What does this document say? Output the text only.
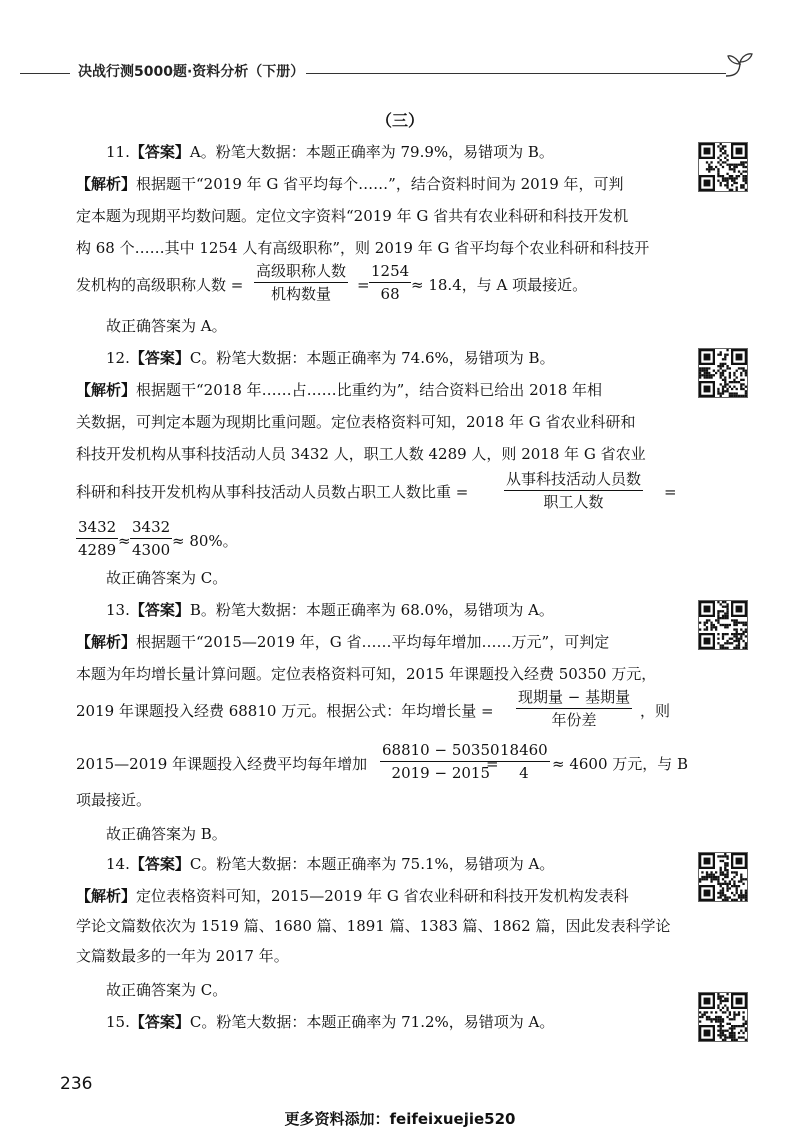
决战行测5000题·资料分析（下册）
（三）
11.【答案】A。粉笔大数据：本题正确率为 79.9%，易错项为 B。
【解析】根据题干“2019 年 G 省平均每个……”，结合资料时间为 2019 年，可判
定本题为现期平均数问题。定位文字资料“2019 年 G 省共有农业科研和科技开发机
构 68 个……其中 1254 人有高级职称”，则 2019 年 G 省平均每个农业科研和科技开
发机构的高级职称人数 =
高级职称人数
机构数量	=
1254
68 ≈ 18.4，与 A 项最接近。
故正确答案为 A。
12.【答案】C。粉笔大数据：本题正确率为 74.6%，易错项为 B。
【解析】根据题干“2018 年……占……比重约为”，结合资料已给出 2018 年相
关数据，可判定本题为现期比重问题。定位表格资料可知，2018 年 G 省农业科研和
科技开发机构从事科技活动人员 3432 人，职工人数 4289 人，则 2018 年 G 省农业
科研和科技开发机构从事科技活动人员数占职工人数比重 =
从事科技活动人员数
职工人数
=
3432
4289 ≈
3432
4300 ≈ 80%。
故正确答案为 C。
13.【答案】B。粉笔大数据：本题正确率为 68.0%，易错项为 A。
【解析】根据题干“2015—2019 年，G 省……平均每年增加……万元”，可判定
本题为年均增长量计算问题。定位表格资料可知，2015 年课题投入经费 50350 万元，
2019 年课题投入经费 68810 万元。根据公式：年均增长量 =
现期量 − 基期量
年份差	，则
2015—2019 年课题投入经费平均每年增加
68810 − 50350
2019 − 2015
=
18460
4	≈ 4600 万元，与 B
项最接近。
故正确答案为 B。
14.【答案】C。粉笔大数据：本题正确率为 75.1%，易错项为 A。
【解析】定位表格资料可知，2015—2019 年 G 省农业科研和科技开发机构发表科
学论文篇数依次为 1519 篇、1680 篇、1891 篇、1383 篇、1862 篇，因此发表科学论
文篇数最多的一年为 2017 年。
故正确答案为 C。
15.【答案】C。粉笔大数据：本题正确率为 71.2%，易错项为 A。
236
更多资料添加：feifeixuejie520
